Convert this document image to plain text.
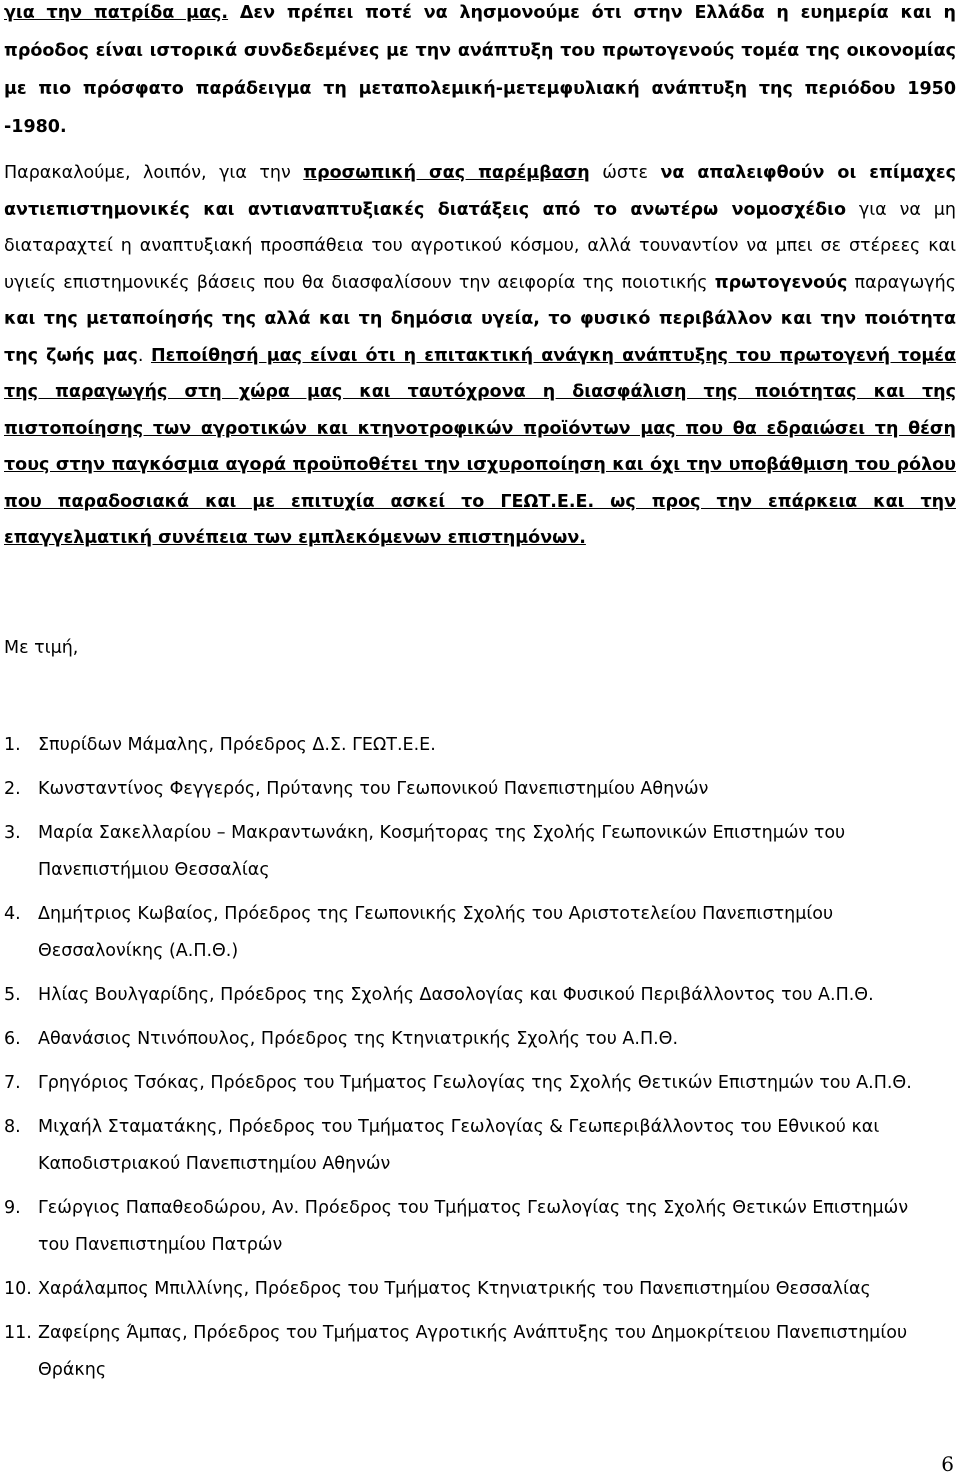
για την πατρίδα μας. Δεν πρέπει ποτέ να λησμονούμε ότι στην Ελλάδα η ευημερία και η πρόοδος είναι ιστορικά συνδεδεμένες με την ανάπτυξη του πρωτογενούς τομέα της οικονομίας με πιο πρόσφατο παράδειγμα τη μεταπολεμική-μετεμφυλιακή ανάπτυξη της περιόδου 1950 -1980.

Παρακαλούμε, λοιπόν, για την προσωπική σας παρέμβαση ώστε να απαλειφθούν οι επίμαχες αντιεπιστημονικές και αντιαναπτυξιακές διατάξεις από το ανωτέρω νομοσχέδιο για να μη διαταραχτεί η αναπτυξιακή προσπάθεια του αγροτικού κόσμου, αλλά τουναντίον να μπει σε στέρεες και υγιείς επιστημονικές βάσεις που θα διασφαλίσουν την αειφορία της ποιοτικής πρωτογενούς παραγωγής και της μεταποίησής της αλλά και τη δημόσια υγεία, το φυσικό περιβάλλον και την ποιότητα της ζωής μας. Πεποίθησή μας είναι ότι η επιτακτική ανάγκη ανάπτυξης του πρωτογενή τομέα της παραγωγής στη χώρα μας και ταυτόχρονα η διασφάλιση της ποιότητας και της πιστοποίησης των αγροτικών και κτηνοτροφικών προϊόντων μας που θα εδραιώσει τη θέση τους στην παγκόσμια αγορά προϋποθέτει την ισχυροποίηση και όχι την υποβάθμιση του ρόλου που παραδοσιακά και με επιτυχία ασκεί το ΓΕΩΤ.Ε.Ε. ως προς την επάρκεια και την επαγγελματική συνέπεια των εμπλεκόμενων επιστημόνων.

Με τιμή,

1. Σπυρίδων Μάμαλης, Πρόεδρος Δ.Σ. ΓΕΩΤ.Ε.Ε.
2. Κωνσταντίνος Φεγγερός, Πρύτανης του Γεωπονικού Πανεπιστημίου Αθηνών
3. Μαρία Σακελλαρίου – Μακραντωνάκη, Κοσμήτορας της Σχολής Γεωπονικών Επιστημών του Πανεπιστήμιου Θεσσαλίας
4. Δημήτριος Κωβαίος, Πρόεδρος της Γεωπονικής Σχολής του Αριστοτελείου Πανεπιστημίου Θεσσαλονίκης (Α.Π.Θ.)
5. Ηλίας Βουλγαρίδης, Πρόεδρος της Σχολής Δασολογίας και Φυσικού Περιβάλλοντος του Α.Π.Θ.
6. Αθανάσιος Ντινόπουλος, Πρόεδρος της Κτηνιατρικής Σχολής του Α.Π.Θ.
7. Γρηγόριος Τσόκας, Πρόεδρος του Τμήματος Γεωλογίας της Σχολής Θετικών Επιστημών του Α.Π.Θ.
8. Μιχαήλ Σταματάκης, Πρόεδρος του Τμήματος Γεωλογίας & Γεωπεριβάλλοντος του Εθνικού και Καποδιστριακού Πανεπιστημίου Αθηνών
9. Γεώργιος Παπαθεοδώρου, Αν. Πρόεδρος του Τμήματος Γεωλογίας της Σχολής Θετικών Επιστημών του Πανεπιστημίου Πατρών
10. Χαράλαμπος Μπιλλίνης, Πρόεδρος του Τμήματος Κτηνιατρικής του Πανεπιστημίου Θεσσαλίας
11. Ζαφείρης Άμπας, Πρόεδρος του Τμήματος Αγροτικής Ανάπτυξης του Δημοκρίτειου Πανεπιστημίου Θράκης
6
